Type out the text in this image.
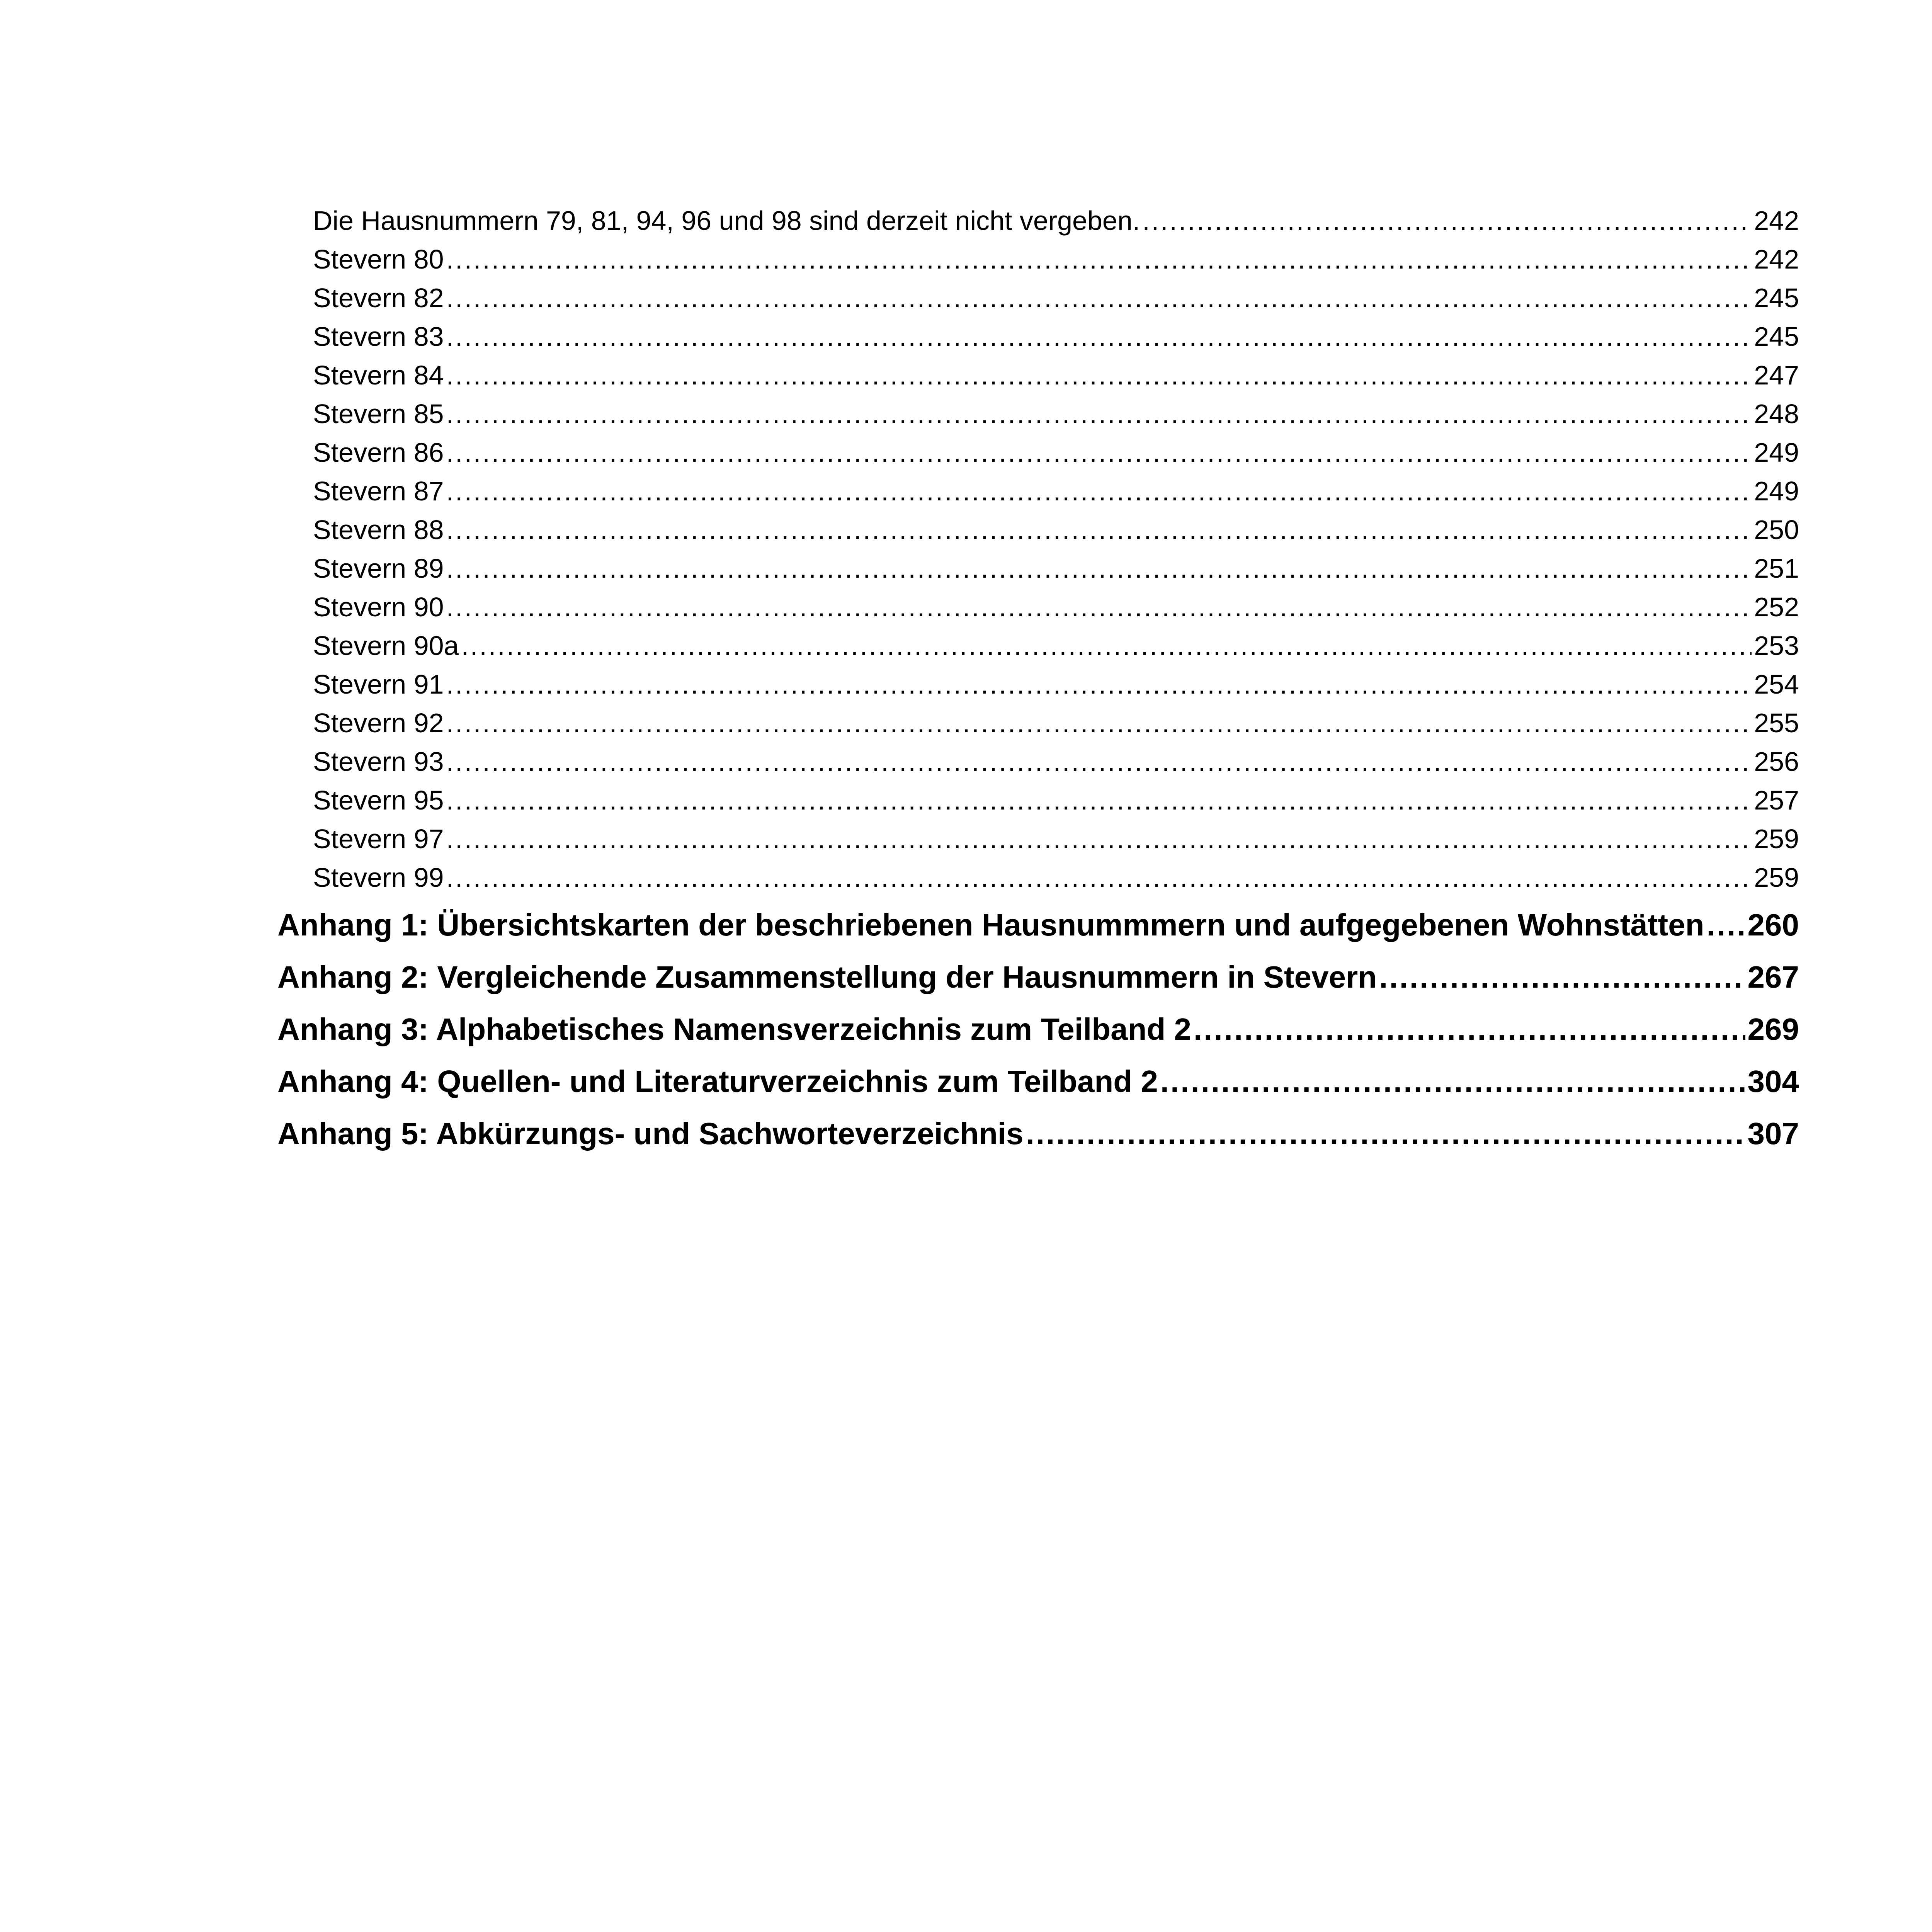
Die Hausnummern 79, 81, 94, 96 und 98 sind derzeit nicht vergeben. .....	242
Stevern 80 .....	242
Stevern 82 .....	245
Stevern 83 .....	245
Stevern 84 .....	247
Stevern 85 .....	248
Stevern 86 .....	249
Stevern 87 .....	249
Stevern 88 .....	250
Stevern 89 .....	251
Stevern 90 .....	252
Stevern 90a .....	253
Stevern 91 .....	254
Stevern 92 .....	255
Stevern 93 .....	256
Stevern 95 .....	257
Stevern 97 .....	259
Stevern 99 .....	259
Anhang 1: Übersichtskarten der beschriebenen Hausnummmern und aufgegebenen Wohnstätten ..... 260
Anhang 2: Vergleichende Zusammenstellung der Hausnummern in Stevern .....	267
Anhang 3: Alphabetisches Namensverzeichnis zum Teilband 2 .....	269
Anhang 4: Quellen- und Literaturverzeichnis zum Teilband 2 .....	304
Anhang 5: Abkürzungs- und Sachworteverzeichnis .....	307
